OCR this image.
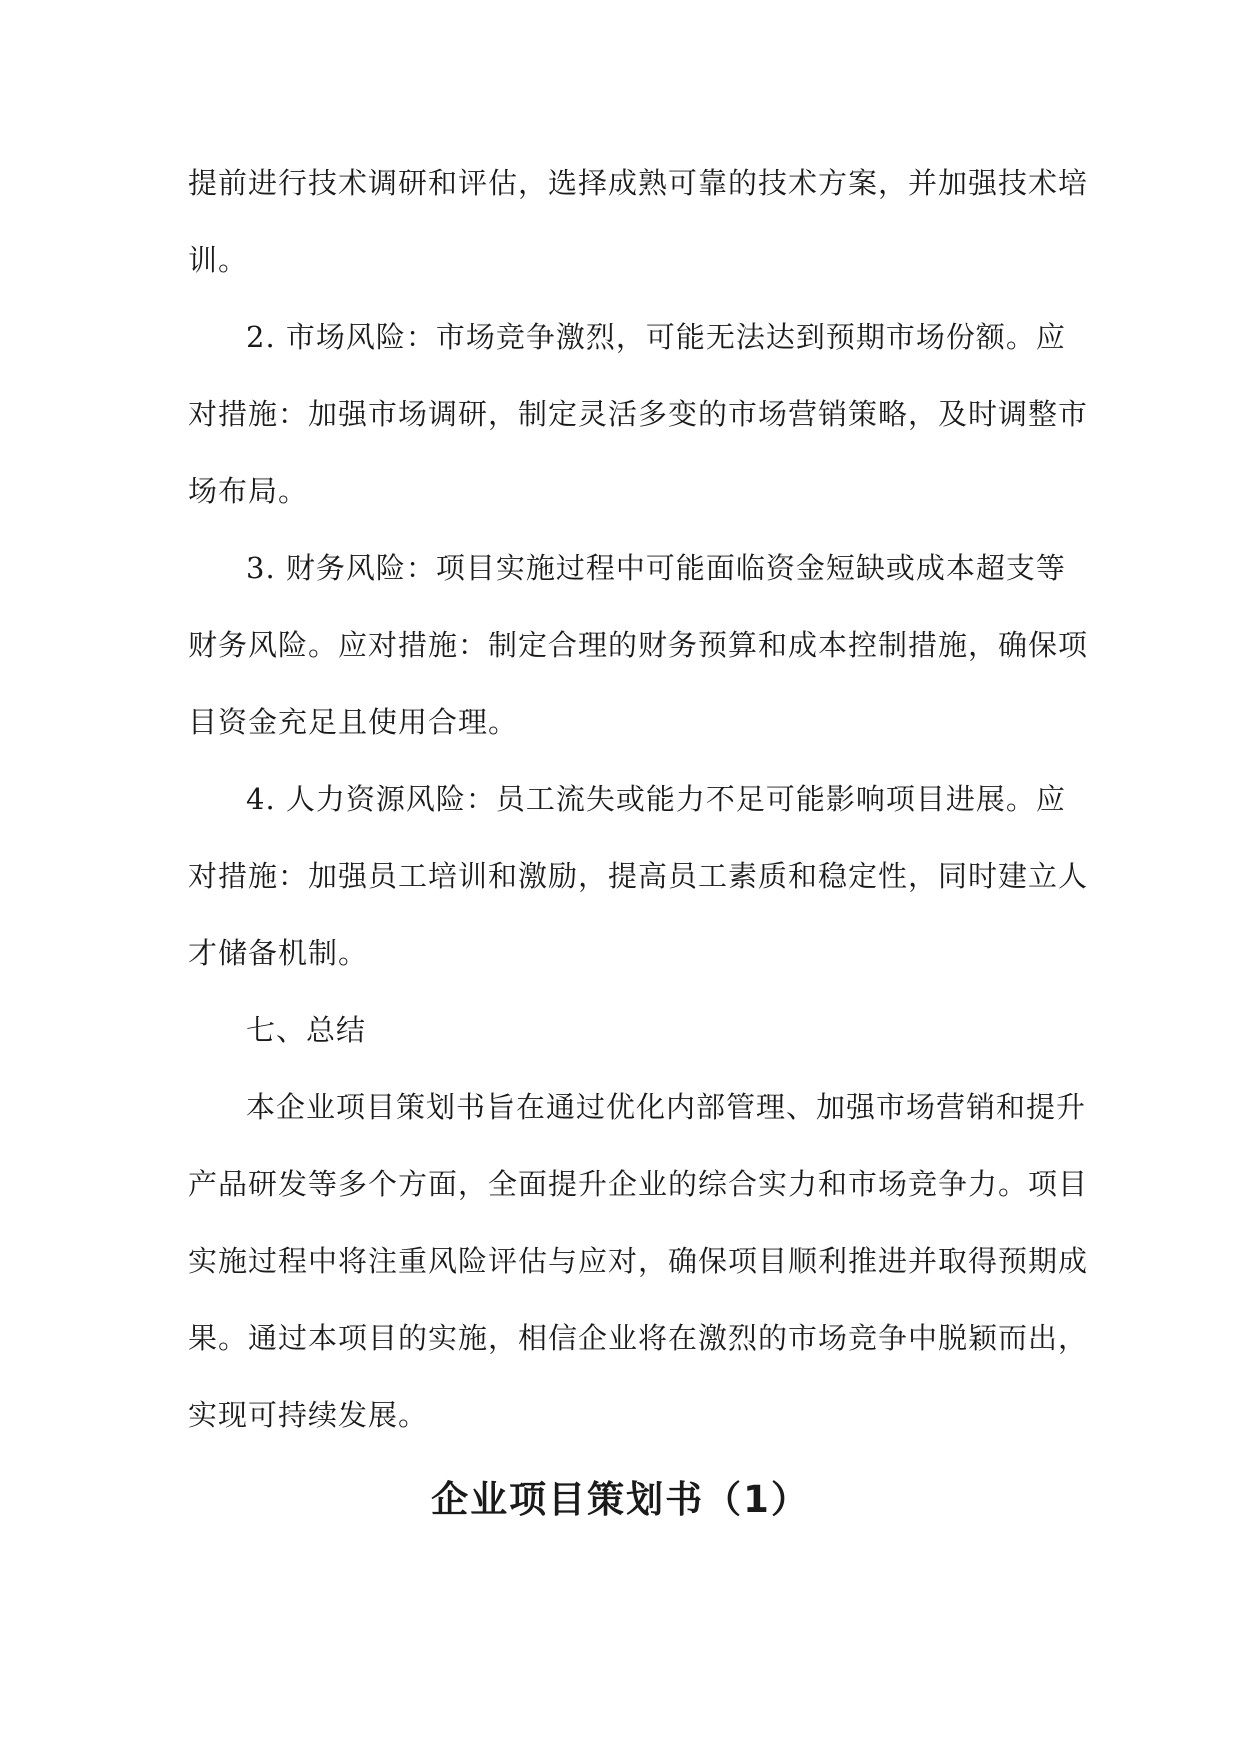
提前进行技术调研和评估，选择成熟可靠的技术方案，并加强技术培
训。
2. 市场风险：市场竞争激烈，可能无法达到预期市场份额。应
对措施：加强市场调研，制定灵活多变的市场营销策略，及时调整市
场布局。
3. 财务风险：项目实施过程中可能面临资金短缺或成本超支等
财务风险。应对措施：制定合理的财务预算和成本控制措施，确保项
目资金充足且使用合理。
4. 人力资源风险：员工流失或能力不足可能影响项目进展。应
对措施：加强员工培训和激励，提高员工素质和稳定性，同时建立人
才储备机制。
七、总结
本企业项目策划书旨在通过优化内部管理、加强市场营销和提升
产品研发等多个方面，全面提升企业的综合实力和市场竞争力。项目
实施过程中将注重风险评估与应对，确保项目顺利推进并取得预期成
果。通过本项目的实施，相信企业将在激烈的市场竞争中脱颖而出，
实现可持续发展。
企业项目策划书（1）
